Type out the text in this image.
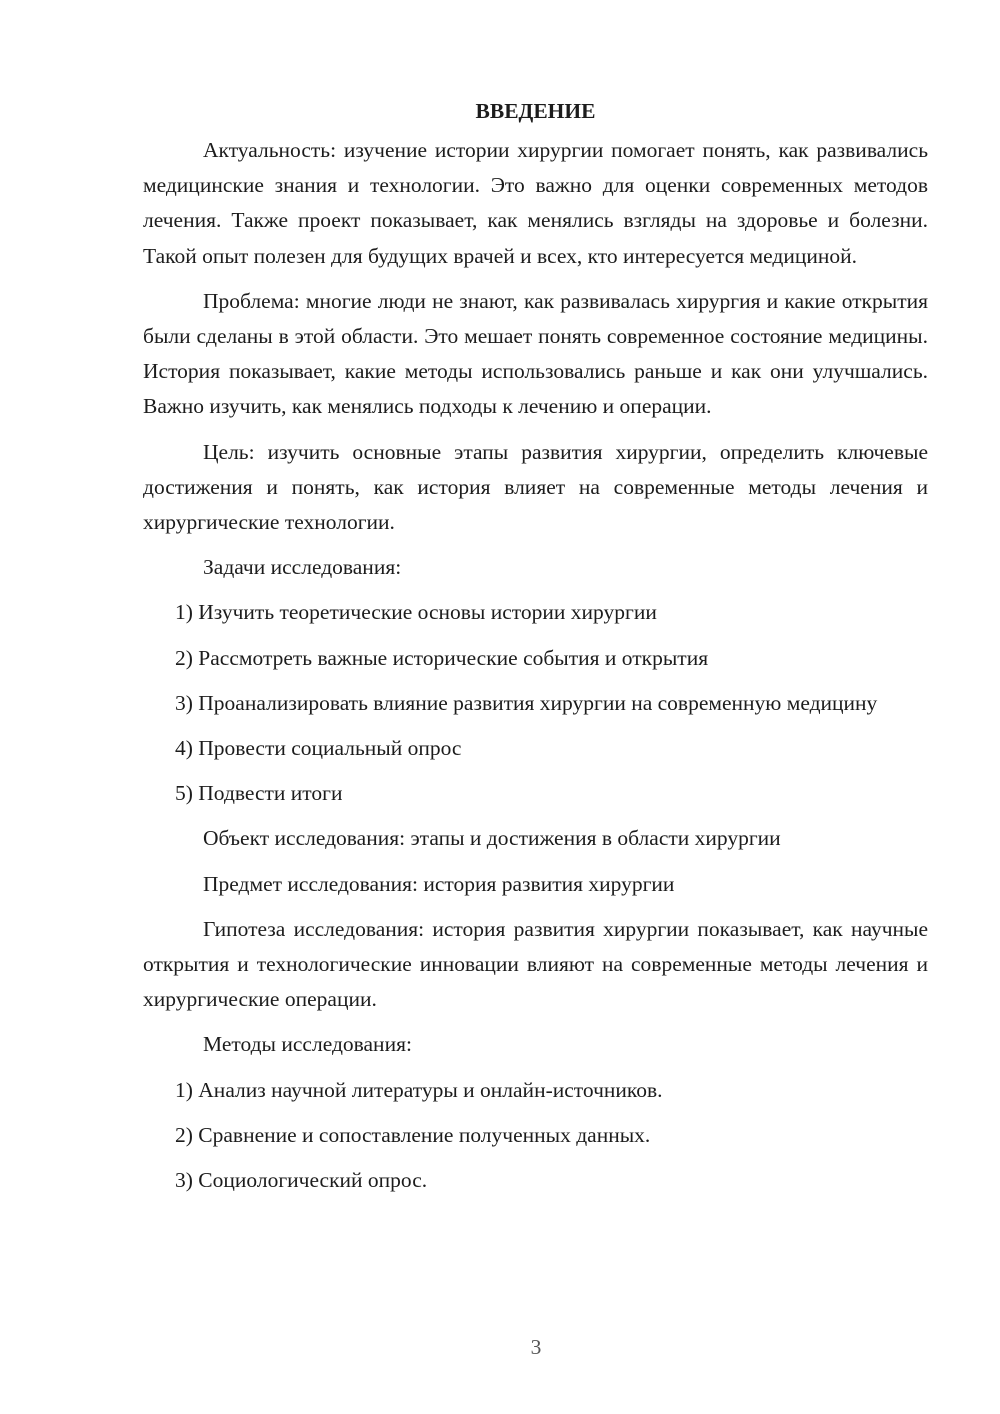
ВВЕДЕНИЕ

Актуальность: изучение истории хирургии помогает понять, как развивались медицинские знания и технологии. Это важно для оценки современных методов лечения. Также проект показывает, как менялись взгляды на здоровье и болезни. Такой опыт полезен для будущих врачей и всех, кто интересуется медициной.

Проблема: многие люди не знают, как развивалась хирургия и какие открытия были сделаны в этой области. Это мешает понять современное состояние медицины. История показывает, какие методы использовались раньше и как они улучшались. Важно изучить, как менялись подходы к лечению и операции.

Цель: изучить основные этапы развития хирургии, определить ключевые достижения и понять, как история влияет на современные методы лечения и хирургические технологии.

Задачи исследования:

1) Изучить теоретические основы истории хирургии

2) Рассмотреть важные исторические события и открытия

3) Проанализировать влияние развития хирургии на современную медицину

4) Провести социальный опрос

5) Подвести итоги

Объект исследования: этапы и достижения в области хирургии

Предмет исследования: история развития хирургии

Гипотеза исследования: история развития хирургии показывает, как научные открытия и технологические инновации влияют на современные методы лечения и хирургические операции.

Методы исследования:

1) Анализ научной литературы и онлайн-источников.

2) Сравнение и сопоставление полученных данных.

3) Социологический опрос.

3
